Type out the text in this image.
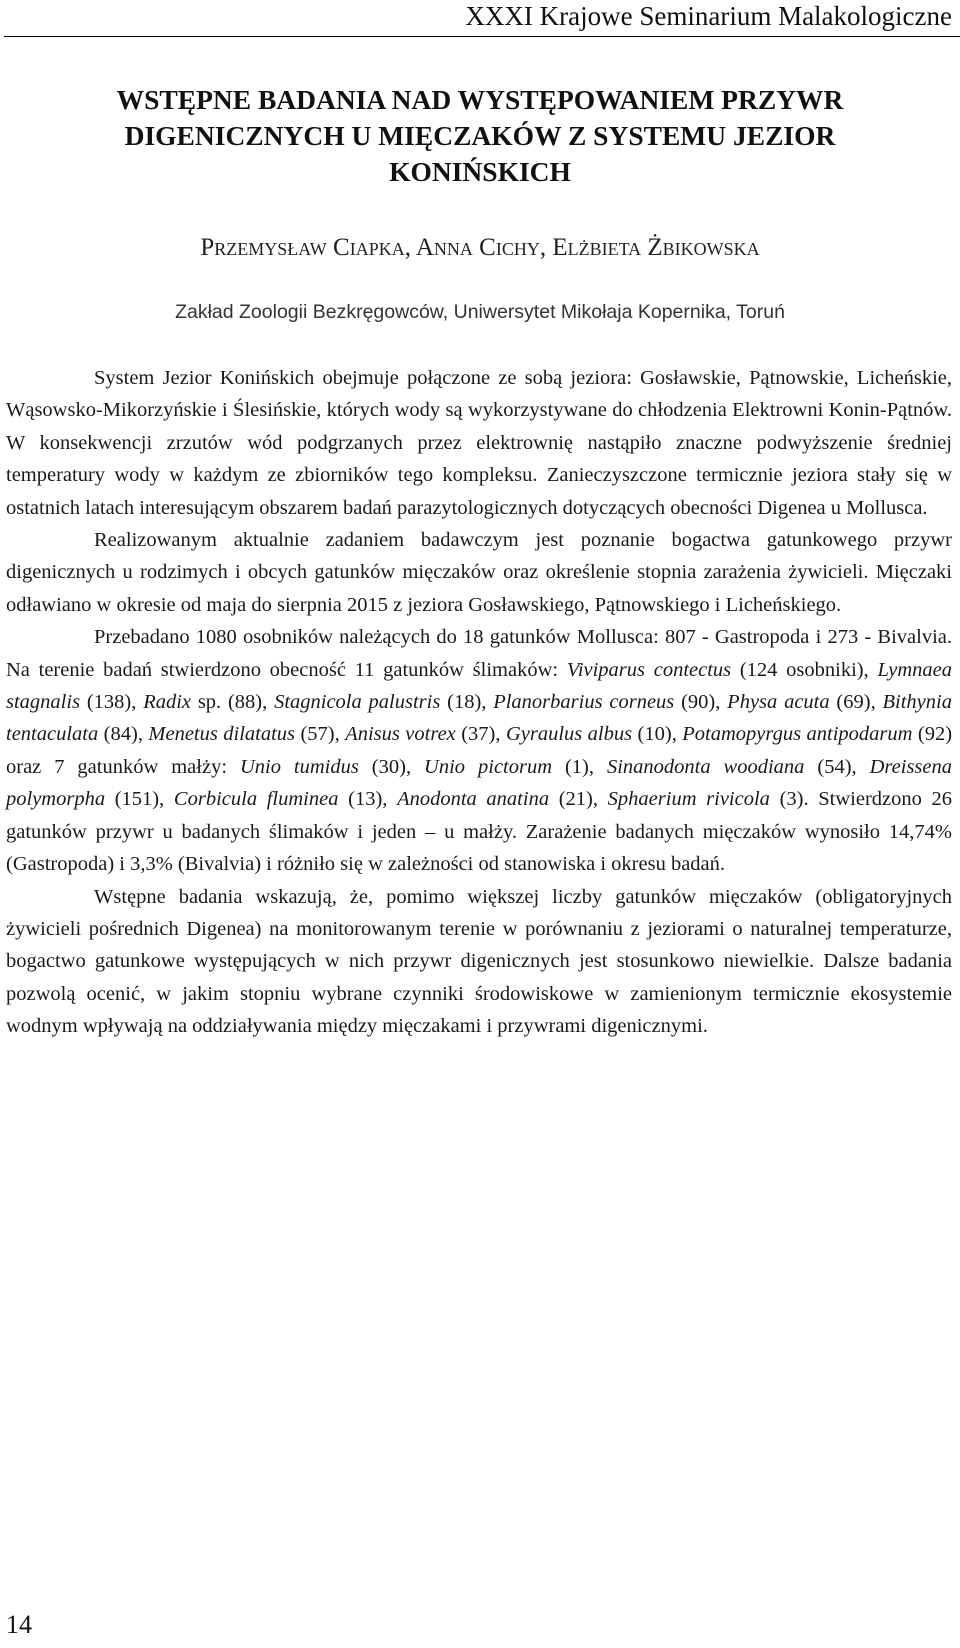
XXXI Krajowe Seminarium Malakologiczne
WSTĘPNE BADANIA NAD WYSTĘPOWANIEM PRZYWR
DIGENICZNYCH U MIĘCZAKÓW Z SYSTEMU JEZIOR
KONIŃSKICH
Przemysław Ciapka, Anna Cichy, Elżbieta Żbikowska
Zakład Zoologii Bezkręgowców, Uniwersytet Mikołaja Kopernika, Toruń

System Jezior Konińskich obejmuje połączone ze sobą jeziora: Gosławskie, Pątnowskie, Licheńskie, Wąsowsko-Mikorzyńskie i Ślesińskie, których wody są wykorzystywane do chłodzenia Elektrowni Konin-Pątnów. W konsekwencji zrzutów wód podgrzanych przez elektrownię nastąpiło znaczne podwyższenie średniej temperatury wody w każdym ze zbiorników tego kompleksu. Zanieczyszczone termicznie jeziora stały się w ostatnich latach interesującym obszarem badań parazytologicznych dotyczących obecności Digenea u Mollusca.

Realizowanym aktualnie zadaniem badawczym jest poznanie bogactwa gatunkowego przywr digenicznych u rodzimych i obcych gatunków mięczaków oraz określenie stopnia zarażenia żywicieli. Mięczaki odławiano w okresie od maja do sierpnia 2015 z jeziora Gosławskiego, Pątnowskiego i Licheńskiego.

Przebadano 1080 osobników należących do 18 gatunków Mollusca: 807 - Gastropoda i 273 - Bivalvia. Na terenie badań stwierdzono obecność 11 gatunków ślimaków: Viviparus contectus (124 osobniki), Lymnaea stagnalis (138), Radix sp. (88), Stagnicola palustris (18), Planorbarius corneus (90), Physa acuta (69), Bithynia tentaculata (84), Menetus dilatatus (57), Anisus votrex (37), Gyraulus albus (10), Potamopyrgus antipodarum (92) oraz 7 gatunków małży: Unio tumidus (30), Unio pictorum (1), Sinanodonta woodiana (54), Dreissena polymorpha (151), Corbicula fluminea (13), Anodonta anatina (21), Sphaerium rivicola (3). Stwierdzono 26 gatunków przywr u badanych ślimaków i jeden – u małży. Zarażenie badanych mięczaków wynosiło 14,74% (Gastropoda) i 3,3% (Bivalvia) i różniło się w zależności od stanowiska i okresu badań.

Wstępne badania wskazują, że, pomimo większej liczby gatunków mięczaków (obligatoryjnych żywicieli pośrednich Digenea) na monitorowanym terenie w porównaniu z jeziorami o naturalnej temperaturze, bogactwo gatunkowe występujących w nich przywr digenicznych jest stosunkowo niewielkie. Dalsze badania pozwolą ocenić, w jakim stopniu wybrane czynniki środowiskowe w zamienionym termicznie ekosystemie wodnym wpływają na oddziaływania między mięczakami i przywrami digenicznymi.

14
